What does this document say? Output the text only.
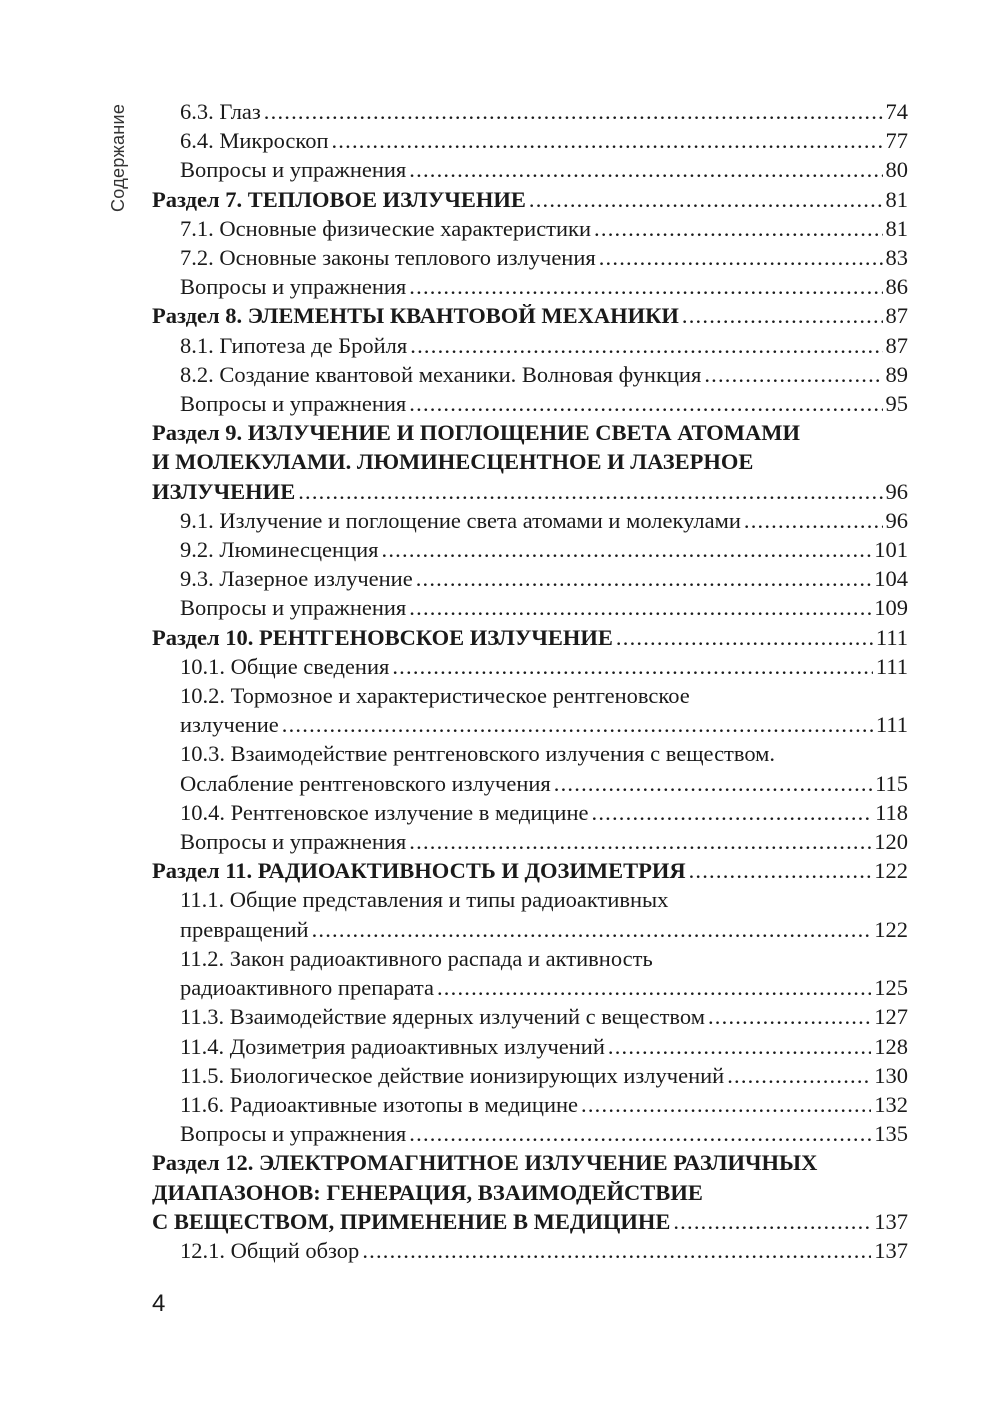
Содержание	6.3. Глаз .....	74
6.4. Микроскоп .....	77
Вопросы и упражнения .....	80
Раздел 7. ТЕПЛОВОЕ ИЗЛУЧЕНИЕ .....	81
7.1. Основные физические характеристики .....	81
7.2. Основные законы теплового излучения .....	83
Вопросы и упражнения .....	86
Раздел 8. ЭЛЕМЕНТЫ КВАНТОВОЙ МЕХАНИКИ .....	87
8.1. Гипотеза де Бройля .....	87
8.2. Создание квантовой механики. Волновая функция .....	89
Вопросы и упражнения .....	95
Раздел 9. ИЗЛУЧЕНИЕ И ПОГЛОЩЕНИЕ СВЕТА АТОМАМИ
И МОЛЕКУЛАМИ. ЛЮМИНЕСЦЕНТНОЕ И ЛАЗЕРНОЕ
ИЗЛУЧЕНИЕ .....	96
9.1. Излучение и поглощение света атомами и молекулами .....	96
9.2. Люминесценция .....	101
9.3. Лазерное излучение .....	104
Вопросы и упражнения .....	109
Раздел 10. РЕНТГЕНОВСКОЕ ИЗЛУЧЕНИЕ .....	111
10.1. Общие сведения .....	111
10.2. Тормозное и характеристическое рентгеновское
излучение .....	111
10.3. Взаимодействие рентгеновского излучения с веществом.
Ослабление рентгеновского излучения .....	115
10.4. Рентгеновское излучение в медицине .....	118
Вопросы и упражнения .....	120
Раздел 11. РАДИОАКТИВНОСТЬ И ДОЗИМЕТРИЯ .....	122
11.1. Общие представления и типы радиоактивных
превращений .....	122
11.2. Закон радиоактивного распада и активность
радиоактивного препарата .....	125
11.3. Взаимодействие ядерных излучений с веществом .....	127
11.4. Дозиметрия радиоактивных излучений .....	128
11.5. Биологическое действие ионизирующих излучений .....	130
11.6. Радиоактивные изотопы в медицине .....	132
Вопросы и упражнения .....	135
Раздел 12. ЭЛЕКТРОМАГНИТНОЕ ИЗЛУЧЕНИЕ РАЗЛИЧНЫХ
ДИАПАЗОНОВ: ГЕНЕРАЦИЯ, ВЗАИМОДЕЙСТВИЕ
С ВЕЩЕСТВОМ, ПРИМЕНЕНИЕ В МЕДИЦИНЕ .....	137
12.1. Общий обзор .....	137
4
